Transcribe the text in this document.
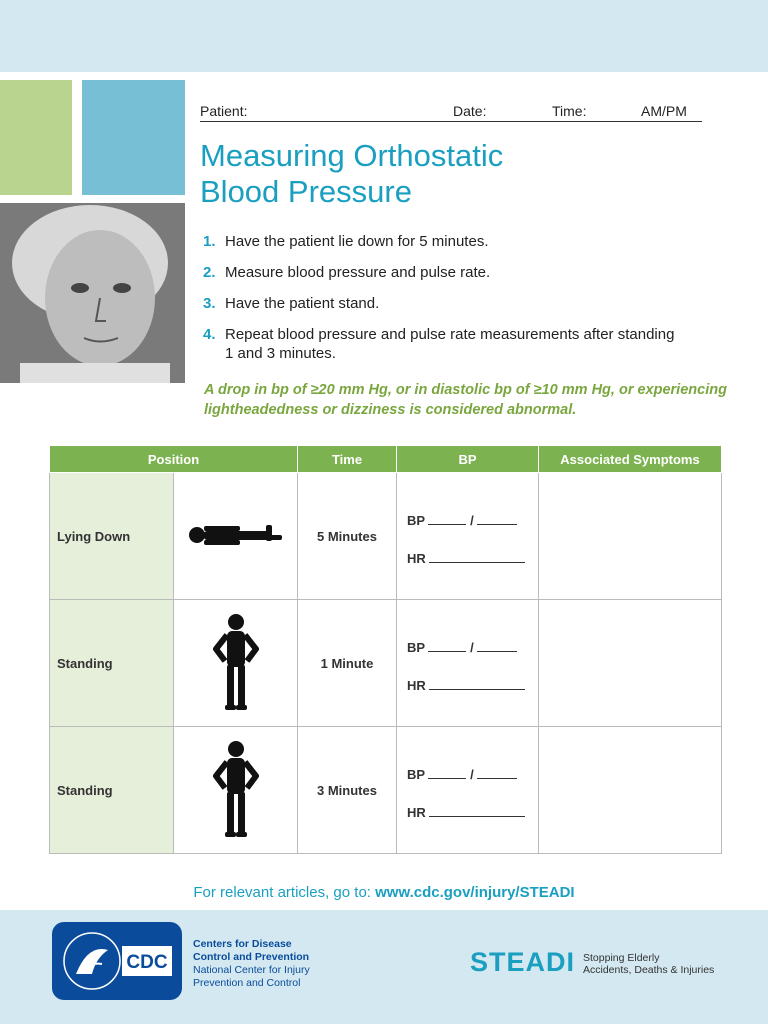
Patient:	Date:	Time:	AM/PM
Measuring Orthostatic
Blood Pressure
1. Have the patient lie down for 5 minutes.
2. Measure blood pressure and pulse rate.
3. Have the patient stand.
4. Repeat blood pressure and pulse rate measurements after standing 1 and 3 minutes.
A drop in bp of ≥20 mm Hg, or in diastolic bp of ≥10 mm Hg, or experiencing lightheadedness or dizziness is considered abnormal.
Position		Time	BP	Associated Symptoms
Lying Down		5 Minutes	BP /
HR	

Standing		1 Minute	BP /
HR	

Standing		3 Minutes	BP /
HR	

For relevant articles, go to: www.cdc.gov/injury/STEADI
CDC
Centers for Disease
Control and Prevention
National Center for Injury
Prevention and Control
STEADI Stopping Elderly
Accidents, Deaths & Injuries
